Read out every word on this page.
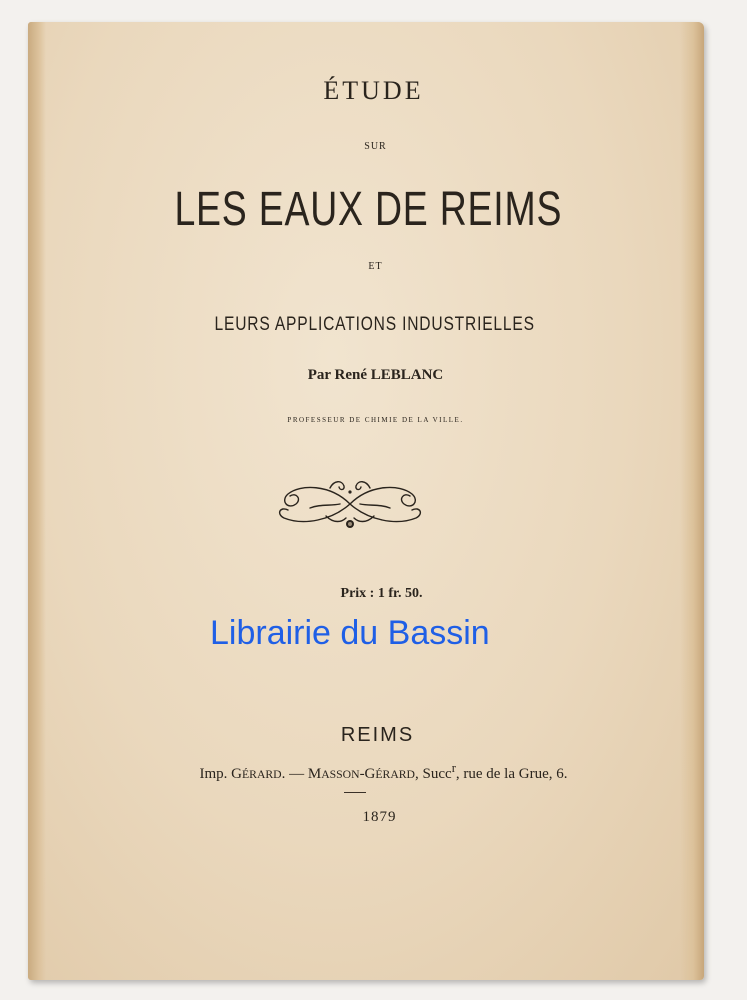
ÉTUDE
SUR
LES EAUX DE REIMS
ET
LEURS APPLICATIONS INDUSTRIELLES
Par René LEBLANC
PROFESSEUR DE CHIMIE DE LA VILLE.
Prix : 1 fr. 50.
Librairie du Bassin
REIMS
Imp. GÉRARD. — MASSON-GÉRARD, Succ$^r$, rue de la Grue, 6.
1879
